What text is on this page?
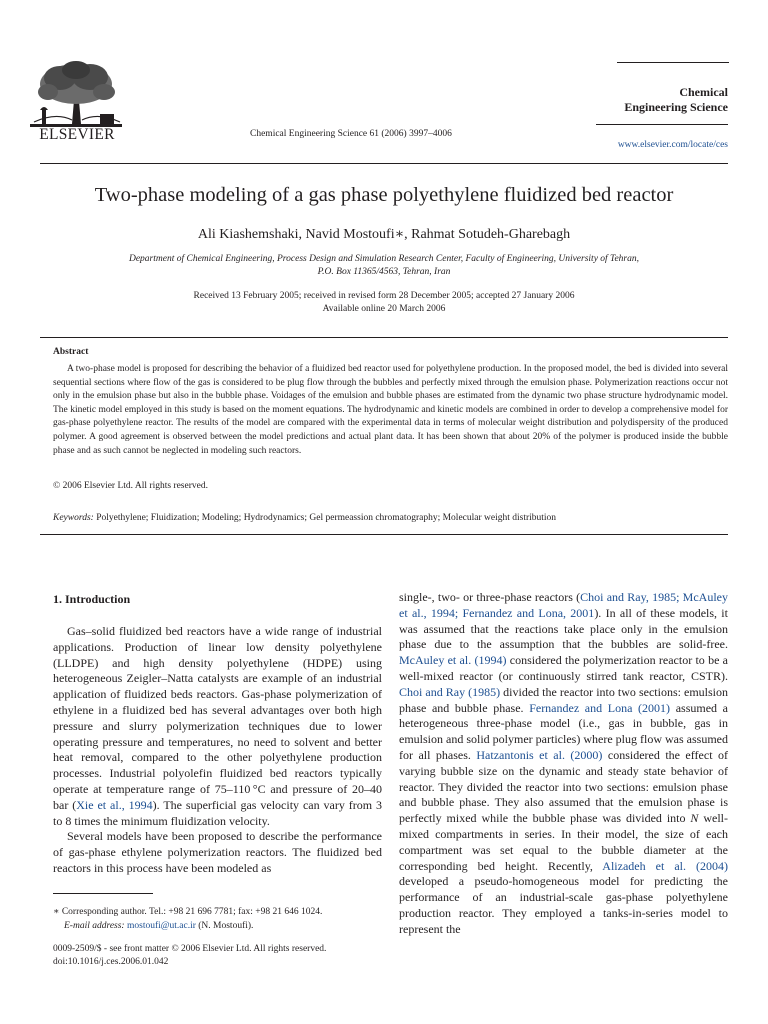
ELSEVIER	Chemical Engineering Science 61 (2006) 3997–4006
Chemical
Engineering Science
www.elsevier.com/locate/ces
Two-phase modeling of a gas phase polyethylene fluidized bed reactor
Ali Kiashemshaki, Navid Mostoufi∗, Rahmat Sotudeh-Gharebagh
Department of Chemical Engineering, Process Design and Simulation Research Center, Faculty of Engineering, University of Tehran,
P.O. Box 11365/4563, Tehran, Iran
Received 13 February 2005; received in revised form 28 December 2005; accepted 27 January 2006
Available online 20 March 2006
Abstract
A two-phase model is proposed for describing the behavior of a fluidized bed reactor used for polyethylene production. In the proposed model, the bed is divided into several sequential sections where flow of the gas is considered to be plug flow through the bubbles and perfectly mixed through the emulsion phase. Polymerization reactions occur not only in the emulsion phase but also in the bubble phase. Voidages of the emulsion and bubble phases are estimated from the dynamic two phase structure hydrodynamic model. The kinetic model employed in this study is based on the moment equations. The hydrodynamic and kinetic models are combined in order to develop a comprehensive model for gas-phase polyethylene reactor. The results of the model are compared with the experimental data in terms of molecular weight distribution and polydispersity of the produced polymer. A good agreement is observed between the model predictions and actual plant data. It has been shown that about 20% of the polymer is produced inside the bubble phase and as such cannot be neglected in modeling such reactors.
© 2006 Elsevier Ltd. All rights reserved.
Keywords: Polyethylene; Fluidization; Modeling; Hydrodynamics; Gel permeassion chromatography; Molecular weight distribution
1. Introduction

Gas–solid fluidized bed reactors have a wide range of industrial applications. Production of linear low density polyethylene (LLDPE) and high density polyethylene (HDPE) using heterogeneous Zeigler–Natta catalysts are example of an industrial application of fluidized beds reactors. Gas-phase polymerization of ethylene in a fluidized bed has several advantages over both high pressure and slurry polymerization techniques due to lower operating pressure and temperatures, no need to solvent and better heat removal, compared to the other polyethylene production processes. Industrial polyolefin fluidized bed reactors typically operate at temperature range of 75–110 °C and pressure of 20–40 bar (Xie et al., 1994). The superficial gas velocity can vary from 3 to 8 times the minimum fluidization velocity.

Several models have been proposed to describe the performance of gas-phase ethylene polymerization reactors. The fluidized bed reactors in this process have been modeled as

single-, two- or three-phase reactors (Choi and Ray, 1985; McAuley et al., 1994; Fernandez and Lona, 2001). In all of these models, it was assumed that the reactions take place only in the emulsion phase due to the assumption that the bubbles are solid-free. McAuley et al. (1994) considered the polymerization reactor to be a well-mixed reactor (or continuously stirred tank reactor, CSTR). Choi and Ray (1985) divided the reactor into two sections: emulsion phase and bubble phase. Fernandez and Lona (2001) assumed a heterogeneous three-phase model (i.e., gas in bubble, gas in emulsion and solid polymer particles) where plug flow was assumed for all phases. Hatzantonis et al. (2000) considered the effect of varying bubble size on the dynamic and steady state behavior of reactor. They divided the reactor into two sections: emulsion phase and bubble phase. They also assumed that the emulsion phase is perfectly mixed while the bubble phase was divided into N well-mixed compartments in series. In their model, the size of each compartment was set equal to the bubble diameter at the corresponding bed height. Recently, Alizadeh et al. (2004) developed a pseudo-homogeneous model for predicting the performance of an industrial-scale gas-phase polyethylene production reactor. They employed a tanks-in-series model to represent the

∗ Corresponding author. Tel.: +98 21 696 7781; fax: +98 21 646 1024.
E-mail address: mostoufi@ut.ac.ir (N. Mostoufi).
0009-2509/$ - see front matter © 2006 Elsevier Ltd. All rights reserved.
doi:10.1016/j.ces.2006.01.042
